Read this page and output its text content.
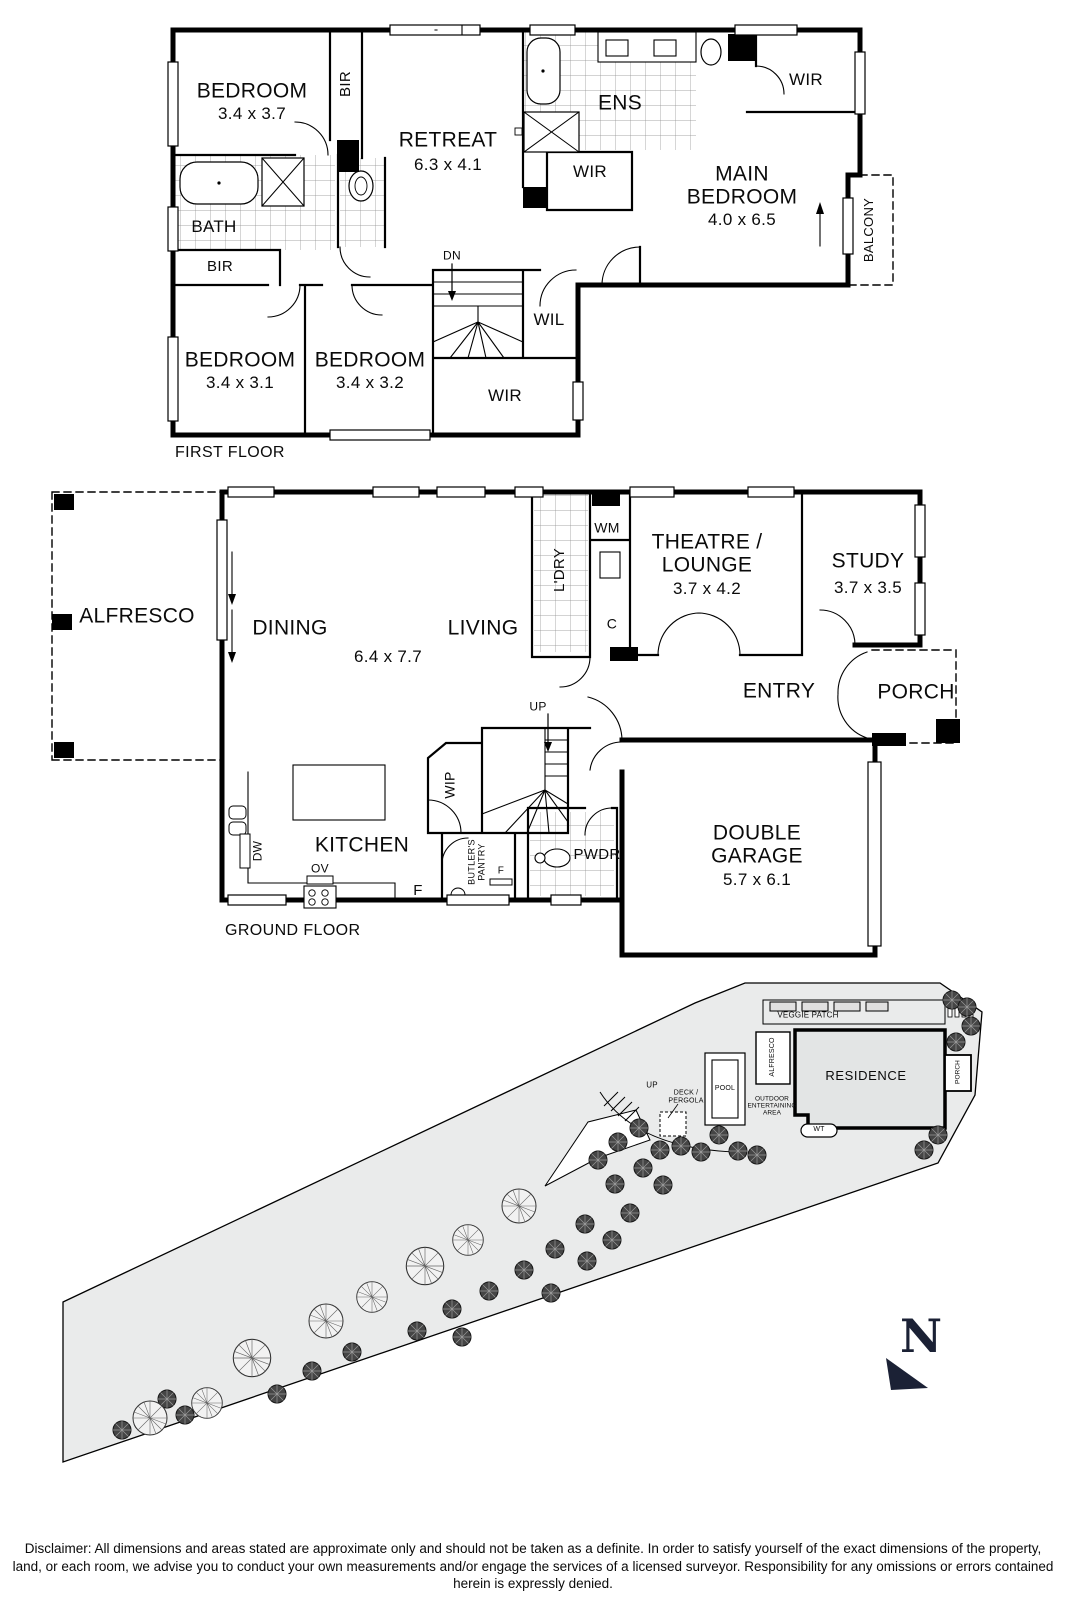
BEDROOM
3.4 x 3.7
BIR
RETREAT
6.3 x 4.1
ENS
WIR
WIR
MAIN BEDROOM
4.0 x 6.5	BALCONY
BATH
BIR
DN
WIL
BEDROOM
3.4 x 3.1
BEDROOM
3.4 x 3.2
WIR
FIRST FLOOR
ALFRESCO
DINING
6.4 x 7.7
LIVING
L'DRY
WM
C
THEATRE / LOUNGE
3.7 x 4.2
STUDY
3.7 x 3.5
ENTRY	PORCH
UP
WIP
KITCHEN
DW
OV
F
BUTLER'S PANTRY F
PWDR
DOUBLE GARAGE
5.7 x 6.1
GROUND FLOOR
VEGGIE PATCH
ALFRESCO	RESIDENCE	PORCH
UP
DECK / PERGOLA
POOL
OUTDOOR ENTERTAINING AREA
WT
N
Disclaimer: All dimensions and areas stated are approximate only and should not be taken as a definite. In order to satisfy yourself of the exact dimensions of the property, land, or each room, we advise you to conduct your own measurements and/or engage the services of a licensed surveyor. Responsibility for any omissions or errors contained herein is expressly denied.
